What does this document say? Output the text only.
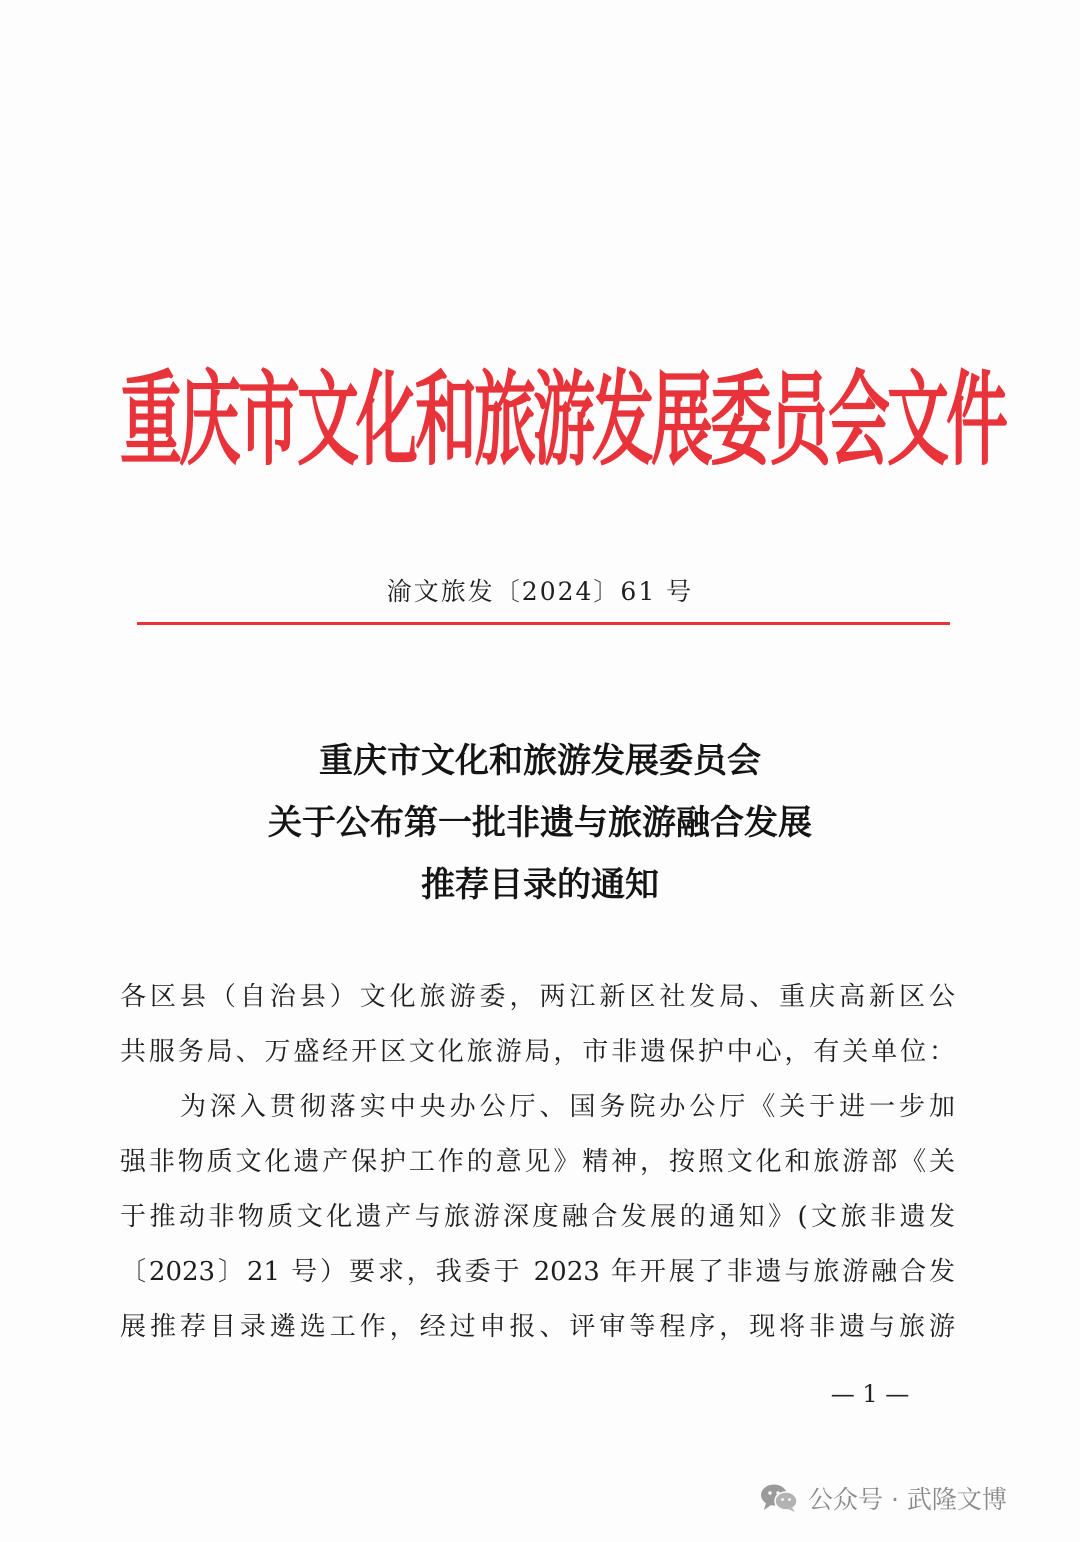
重庆市文化和旅游发展委员会文件
渝文旅发〔2024〕61 号
重庆市文化和旅游发展委员会
关于公布第一批非遗与旅游融合发展
推荐目录的通知
各区县（自治县）文化旅游委，两江新区社发局、重庆高新区公
共服务局、万盛经开区文化旅游局，市非遗保护中心，有关单位：
为深入贯彻落实中央办公厅、国务院办公厅《关于进一步加
强非物质文化遗产保护工作的意见》精神，按照文化和旅游部《关
于推动非物质文化遗产与旅游深度融合发展的通知》(文旅非遗发
〔2023〕21 号）要求，我委于 2023 年开展了非遗与旅游融合发
展推荐目录遴选工作，经过申报、评审等程序，现将非遗与旅游
— 1 —
公众号 · 武隆文博
